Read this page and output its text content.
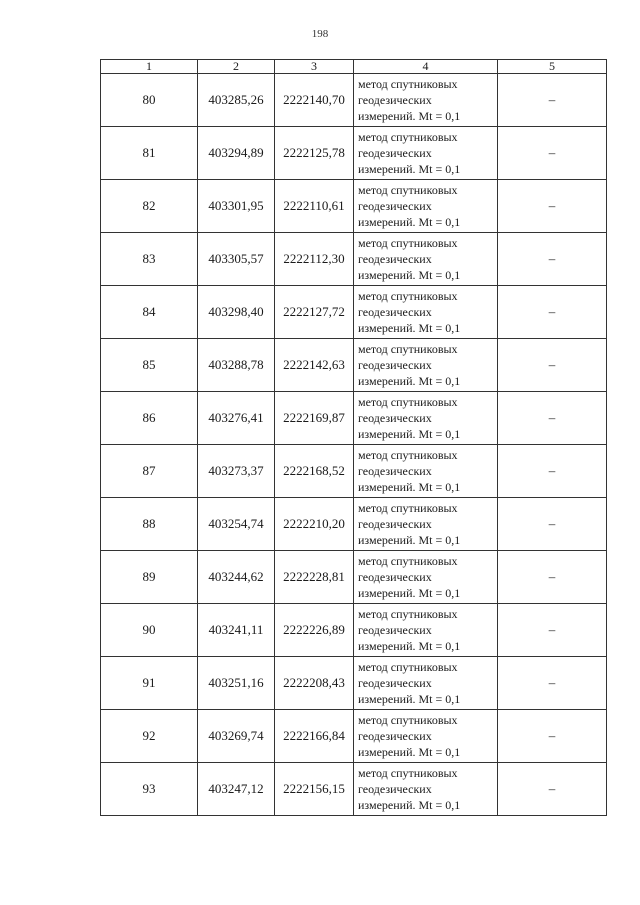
198
1	2	3	4	5
80	403285,26	2222140,70	метод спутниковых
геодезических
измерений. Mt = 0,1	–
81	403294,89	2222125,78	метод спутниковых
геодезических
измерений. Mt = 0,1	–
82	403301,95	2222110,61	метод спутниковых
геодезических
измерений. Mt = 0,1	–
83	403305,57	2222112,30	метод спутниковых
геодезических
измерений. Mt = 0,1	–
84	403298,40	2222127,72	метод спутниковых
геодезических
измерений. Mt = 0,1	–
85	403288,78	2222142,63	метод спутниковых
геодезических
измерений. Mt = 0,1	–
86	403276,41	2222169,87	метод спутниковых
геодезических
измерений. Mt = 0,1	–
87	403273,37	2222168,52	метод спутниковых
геодезических
измерений. Mt = 0,1	–
88	403254,74	2222210,20	метод спутниковых
геодезических
измерений. Mt = 0,1	–
89	403244,62	2222228,81	метод спутниковых
геодезических
измерений. Mt = 0,1	–
90	403241,11	2222226,89	метод спутниковых
геодезических
измерений. Mt = 0,1	–
91	403251,16	2222208,43	метод спутниковых
геодезических
измерений. Mt = 0,1	–
92	403269,74	2222166,84	метод спутниковых
геодезических
измерений. Mt = 0,1	–
93	403247,12	2222156,15	метод спутниковых
геодезических
измерений. Mt = 0,1	–
